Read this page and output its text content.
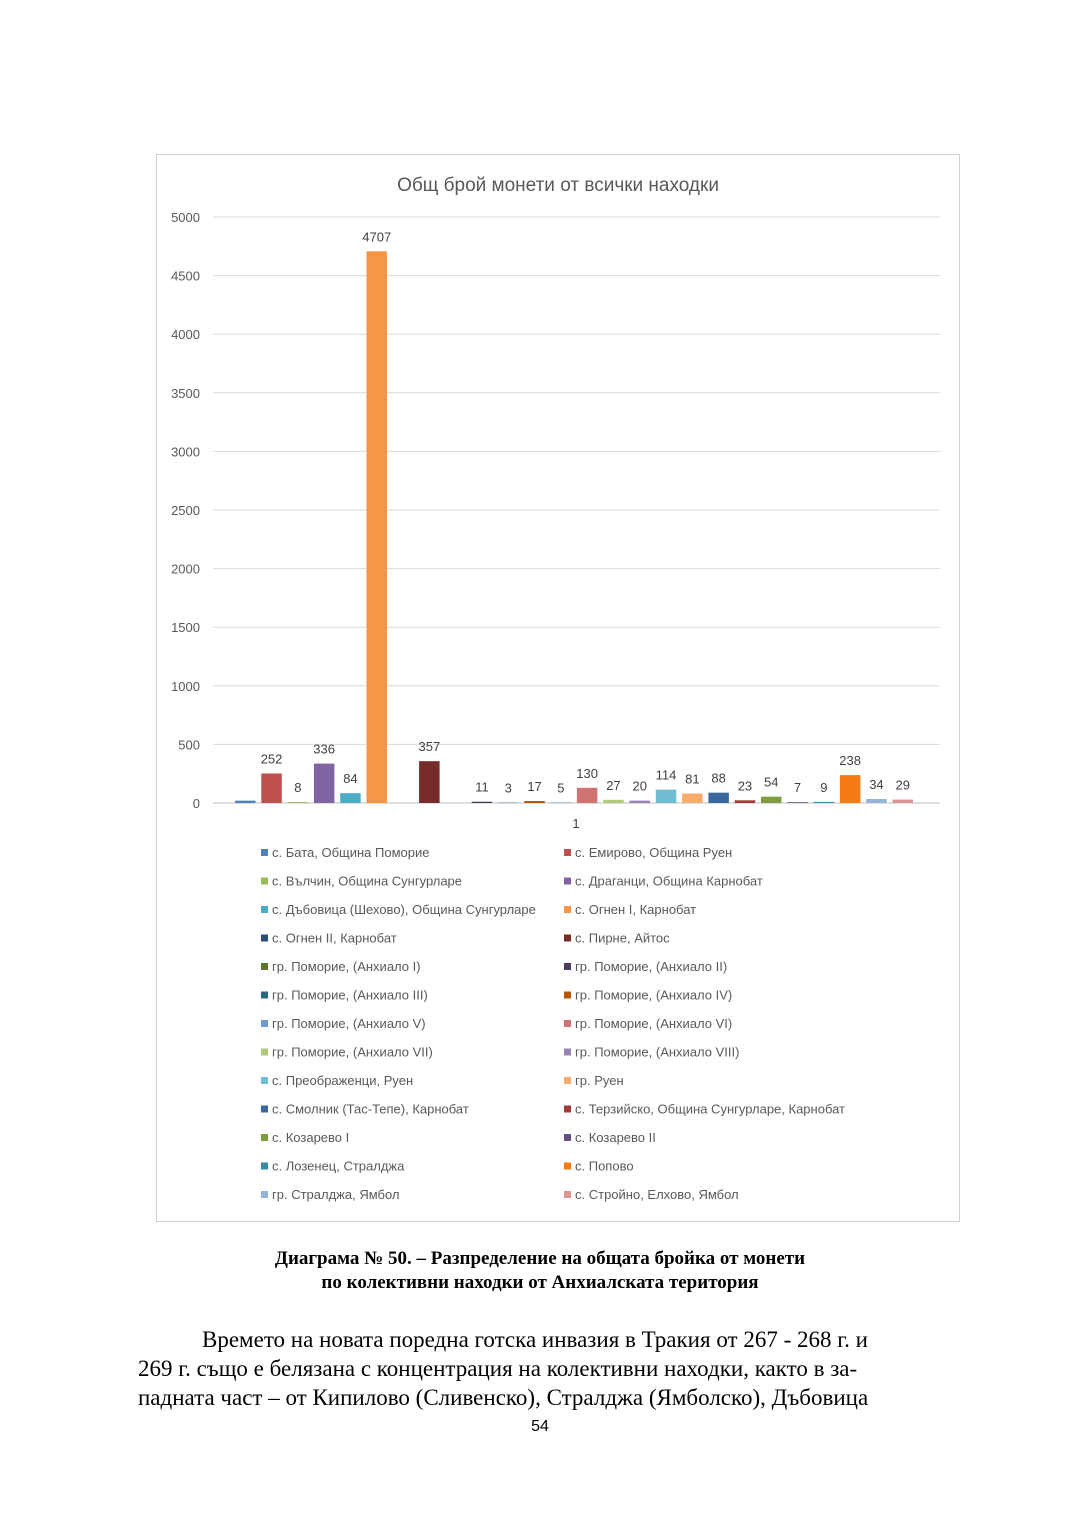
Общ брой монети от всички находки
0
500
1000
1500
2000
2500
3000
3500
4000
4500
5000
252
8
336
84
4707
357
11 3 17 5
130
27 20
114 81 88
23 54 7 9
238
34 29
1
с. Бата, Община Поморие	с. Емирово, Община Руен
с. Вълчин, Община Сунгурларе	с. Драганци, Община Карнобат
с. Дъбовица (Шехово), Община Сунгурларе	с. Огнен I, Карнобат
с. Огнен II, Карнобат	с. Пирне, Айтос
гр. Поморие, (Анхиало I)	гр. Поморие, (Анхиало II)
гр. Поморие, (Анхиало III)	гр. Поморие, (Анхиало IV)
гр. Поморие, (Анхиало V)	гр. Поморие, (Анхиало VI)
гр. Поморие, (Анхиало VII)	гр. Поморие, (Анхиало VIII)
с. Преображенци, Руен	гр. Руен
с. Смолник (Тас-Тепе), Карнобат	с. Терзийско, Община Сунгурларе, Карнобат
с. Козарево I	с. Козарево II
с. Лозенец, Стралджа	с. Попово
гр. Стралджа, Ямбол	с. Стройно, Елхово, Ямбол
Диаграма № 50. – Разпределение на общата бройка от монети
по колективни находки от Анхиалската територия
Времето на новата поредна готска инвазия в Тракия от 267 - 268 г. и
269 г. също е белязана с концентрация на колективни находки, както в за-
падната част – от Кипилово (Сливенско), Стралджа (Ямболско), Дъбовица
54
